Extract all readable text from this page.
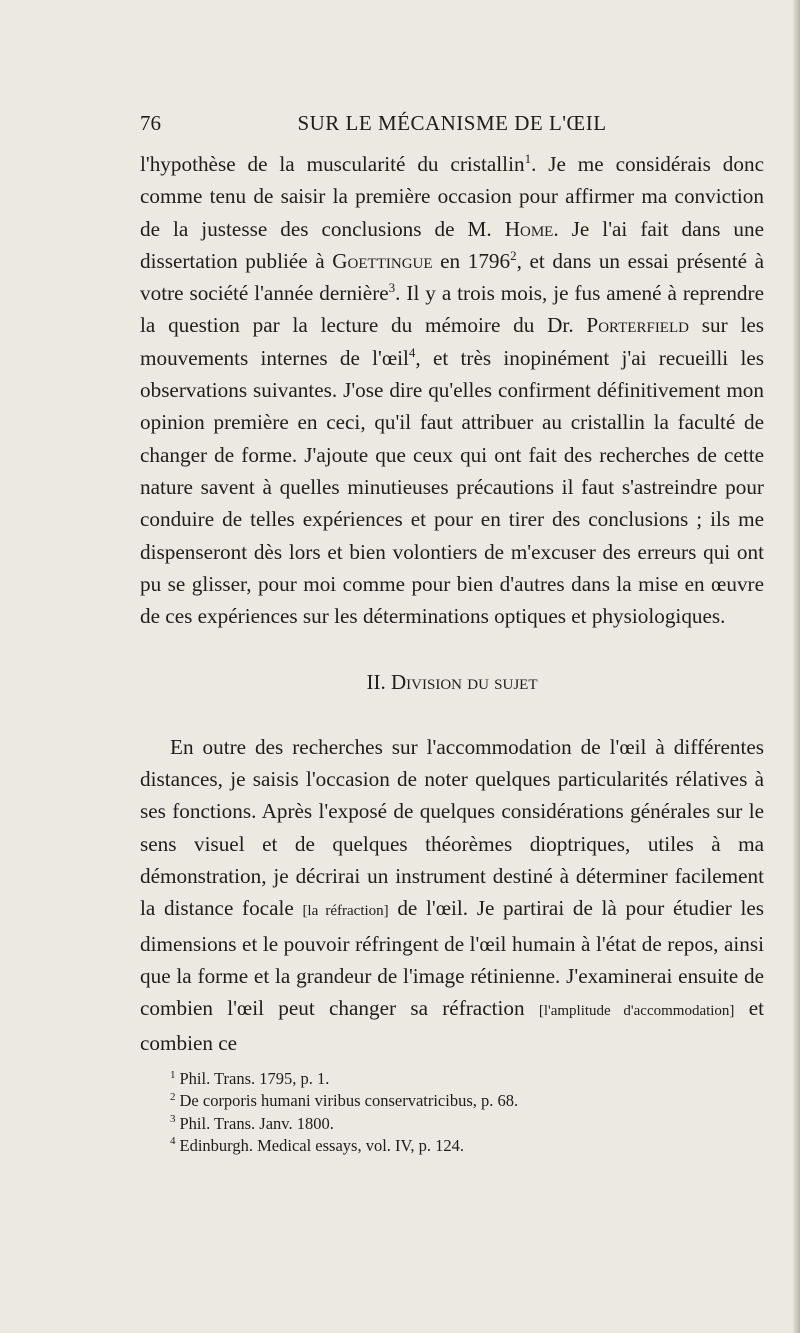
76	SUR LE MÉCANISME DE L'ŒIL

l'hypothèse de la muscularité du cristallin$^1$. Je me considérais donc comme tenu de saisir la première occasion pour affirmer ma conviction de la justesse des conclusions de M. Home. Je l'ai fait dans une dissertation publiée à Goettingue en 1796$^2$, et dans un essai présenté à votre société l'année dernière$^3$. Il y a trois mois, je fus amené à reprendre la question par la lecture du mémoire du Dr. Porterfield sur les mouvements internes de l'œil$^4$, et très inopinément j'ai recueilli les observations suivantes. J'ose dire qu'elles confirment définitivement mon opinion première en ceci, qu'il faut attribuer au cristallin la faculté de changer de forme. J'ajoute que ceux qui ont fait des recherches de cette nature savent à quelles minutieuses précautions il faut s'astreindre pour conduire de telles expériences et pour en tirer des conclusions ; ils me dispenseront dès lors et bien volontiers de m'excuser des erreurs qui ont pu se glisser, pour moi comme pour bien d'autres dans la mise en œuvre de ces expériences sur les déterminations optiques et physiologiques.

II. Division du sujet

En outre des recherches sur l'accommodation de l'œil à différentes distances, je saisis l'occasion de noter quelques particularités rélatives à ses fonctions. Après l'exposé de quelques considérations générales sur le sens visuel et de quelques théorèmes dioptriques, utiles à ma démonstration, je décrirai un instrument destiné à déterminer facilement la distance focale [la réfraction] de l'œil. Je partirai de là pour étudier les dimensions et le pouvoir réfringent de l'œil humain à l'état de repos, ainsi que la forme et la grandeur de l'image rétinienne. J'examinerai ensuite de combien l'œil peut changer sa réfraction [l'amplitude d'accommodation] et combien ce

$^1$ Phil. Trans. 1795, p. 1.
$^2$ De corporis humani viribus conservatricibus, p. 68.
$^3$ Phil. Trans. Janv. 1800.
$^4$ Edinburgh. Medical essays, vol. IV, p. 124.
